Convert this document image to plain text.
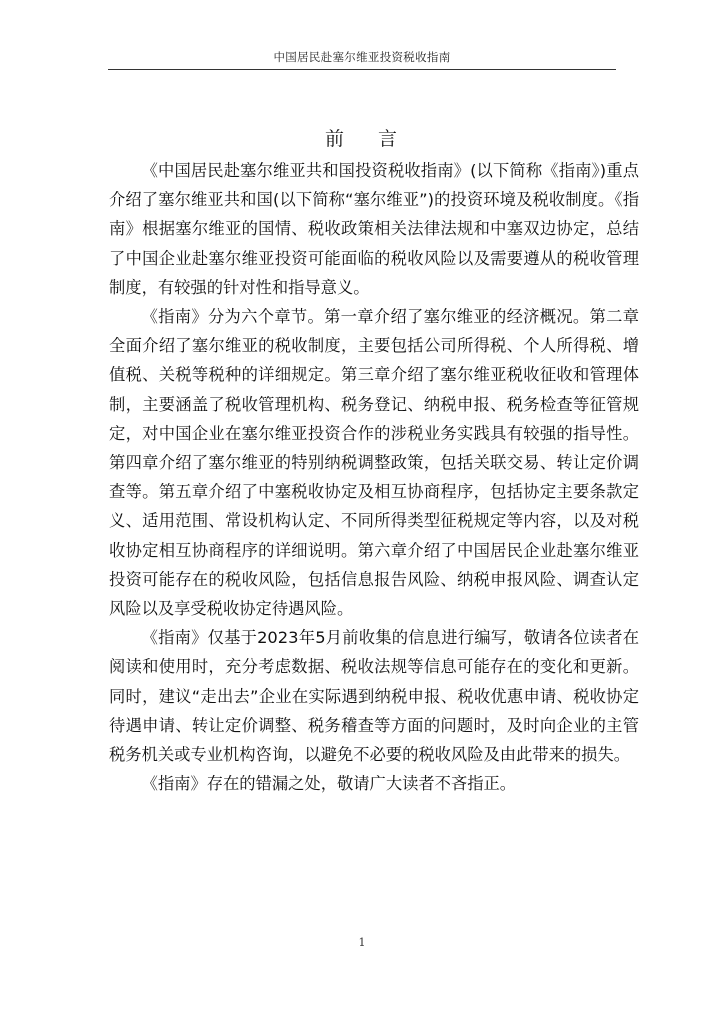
中国居民赴塞尔维亚投资税收指南
前 言

《中国居民赴塞尔维亚共和国投资税收指南》(以下简称《指南》)重点介绍了塞尔维亚共和国(以下简称“塞尔维亚”)的投资环境及税收制度。《指南》根据塞尔维亚的国情、税收政策相关法律法规和中塞双边协定，总结了中国企业赴塞尔维亚投资可能面临的税收风险以及需要遵从的税收管理制度，有较强的针对性和指导意义。

《指南》分为六个章节。第一章介绍了塞尔维亚的经济概况。第二章全面介绍了塞尔维亚的税收制度，主要包括公司所得税、个人所得税、增值税、关税等税种的详细规定。第三章介绍了塞尔维亚税收征收和管理体制，主要涵盖了税收管理机构、税务登记、纳税申报、税务检查等征管规定，对中国企业在塞尔维亚投资合作的涉税业务实践具有较强的指导性。第四章介绍了塞尔维亚的特别纳税调整政策，包括关联交易、转让定价调查等。第五章介绍了中塞税收协定及相互协商程序，包括协定主要条款定义、适用范围、常设机构认定、不同所得类型征税规定等内容，以及对税收协定相互协商程序的详细说明。第六章介绍了中国居民企业赴塞尔维亚投资可能存在的税收风险，包括信息报告风险、纳税申报风险、调查认定风险以及享受税收协定待遇风险。

《指南》仅基于2023年5月前收集的信息进行编写，敬请各位读者在阅读和使用时，充分考虑数据、税收法规等信息可能存在的变化和更新。同时，建议“走出去”企业在实际遇到纳税申报、税收优惠申请、税收协定待遇申请、转让定价调整、税务稽查等方面的问题时，及时向企业的主管税务机关或专业机构咨询，以避免不必要的税收风险及由此带来的损失。

《指南》存在的错漏之处，敬请广大读者不吝指正。

1
